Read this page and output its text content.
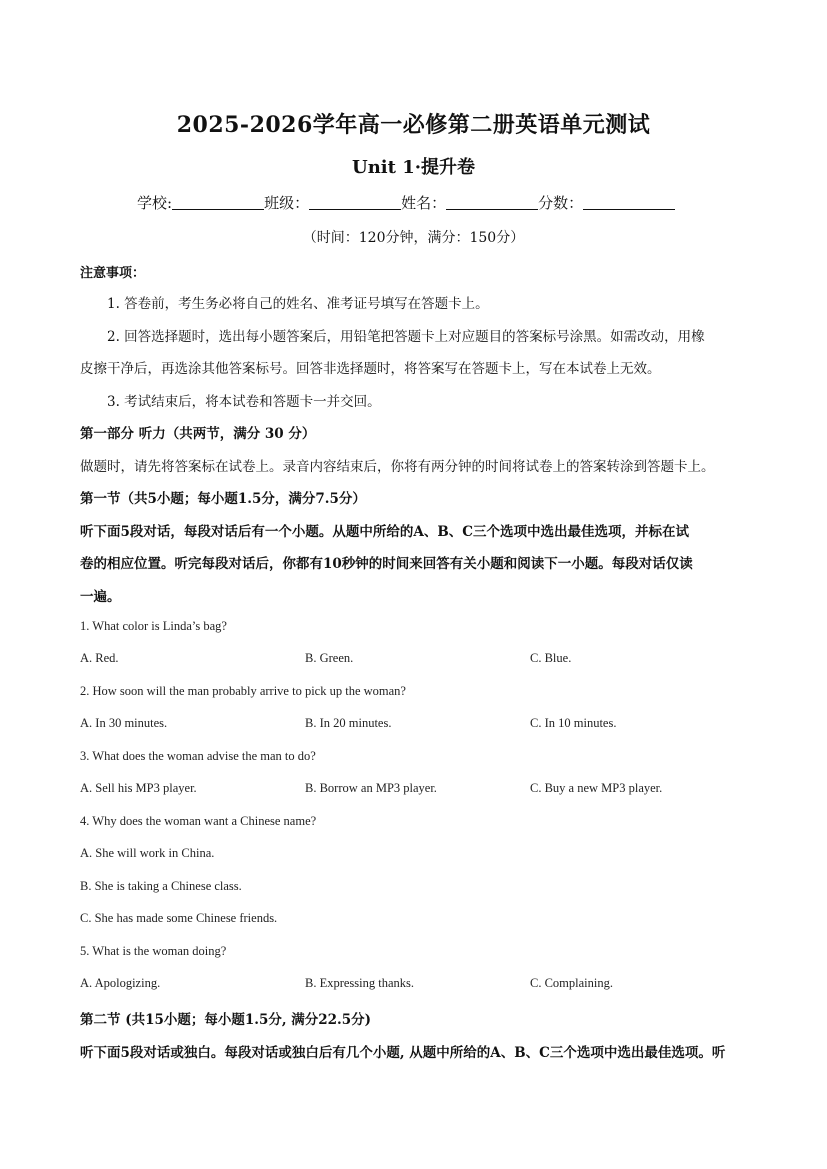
2025-2026学年高一必修第二册英语单元测试
Unit 1·提升卷
学校:	班级：	姓名：	分数：
（时间：120分钟，满分：150分）
注意事项：
1. 答卷前，考生务必将自己的姓名、准考证号填写在答题卡上。
2. 回答选择题时，选出每小题答案后，用铅笔把答题卡上对应题目的答案标号涂黑。如需改动，用橡
皮擦干净后，再选涂其他答案标号。回答非选择题时，将答案写在答题卡上，写在本试卷上无效。
3. 考试结束后，将本试卷和答题卡一并交回。
第一部分 听力（共两节，满分 30 分）
做题时，请先将答案标在试卷上。录音内容结束后，你将有两分钟的时间将试卷上的答案转涂到答题卡上。
第一节（共5小题；每小题1.5分，满分7.5分）
听下面5段对话，每段对话后有一个小题。从题中所给的A、B、C三个选项中选出最佳选项，并标在试
卷的相应位置。听完每段对话后，你都有10秒钟的时间来回答有关小题和阅读下一小题。每段对话仅读
一遍。
1. What color is Linda’s bag?
A. Red.	B. Green.	C. Blue.
2. How soon will the man probably arrive to pick up the woman?
A. In 30 minutes.	B. In 20 minutes.	C. In 10 minutes.
3. What does the woman advise the man to do?
A. Sell his MP3 player.	B. Borrow an MP3 player.	C. Buy a new MP3 player.
4. Why does the woman want a Chinese name?
A. She will work in China.
B. She is taking a Chinese class.
C. She has made some Chinese friends.
5. What is the woman doing?
A. Apologizing.	B. Expressing thanks.	C. Complaining.
第二节 (共15小题；每小题1.5分, 满分22.5分)
听下面5段对话或独白。每段对话或独白后有几个小题, 从题中所给的A、B、C三个选项中选出最佳选项。听
